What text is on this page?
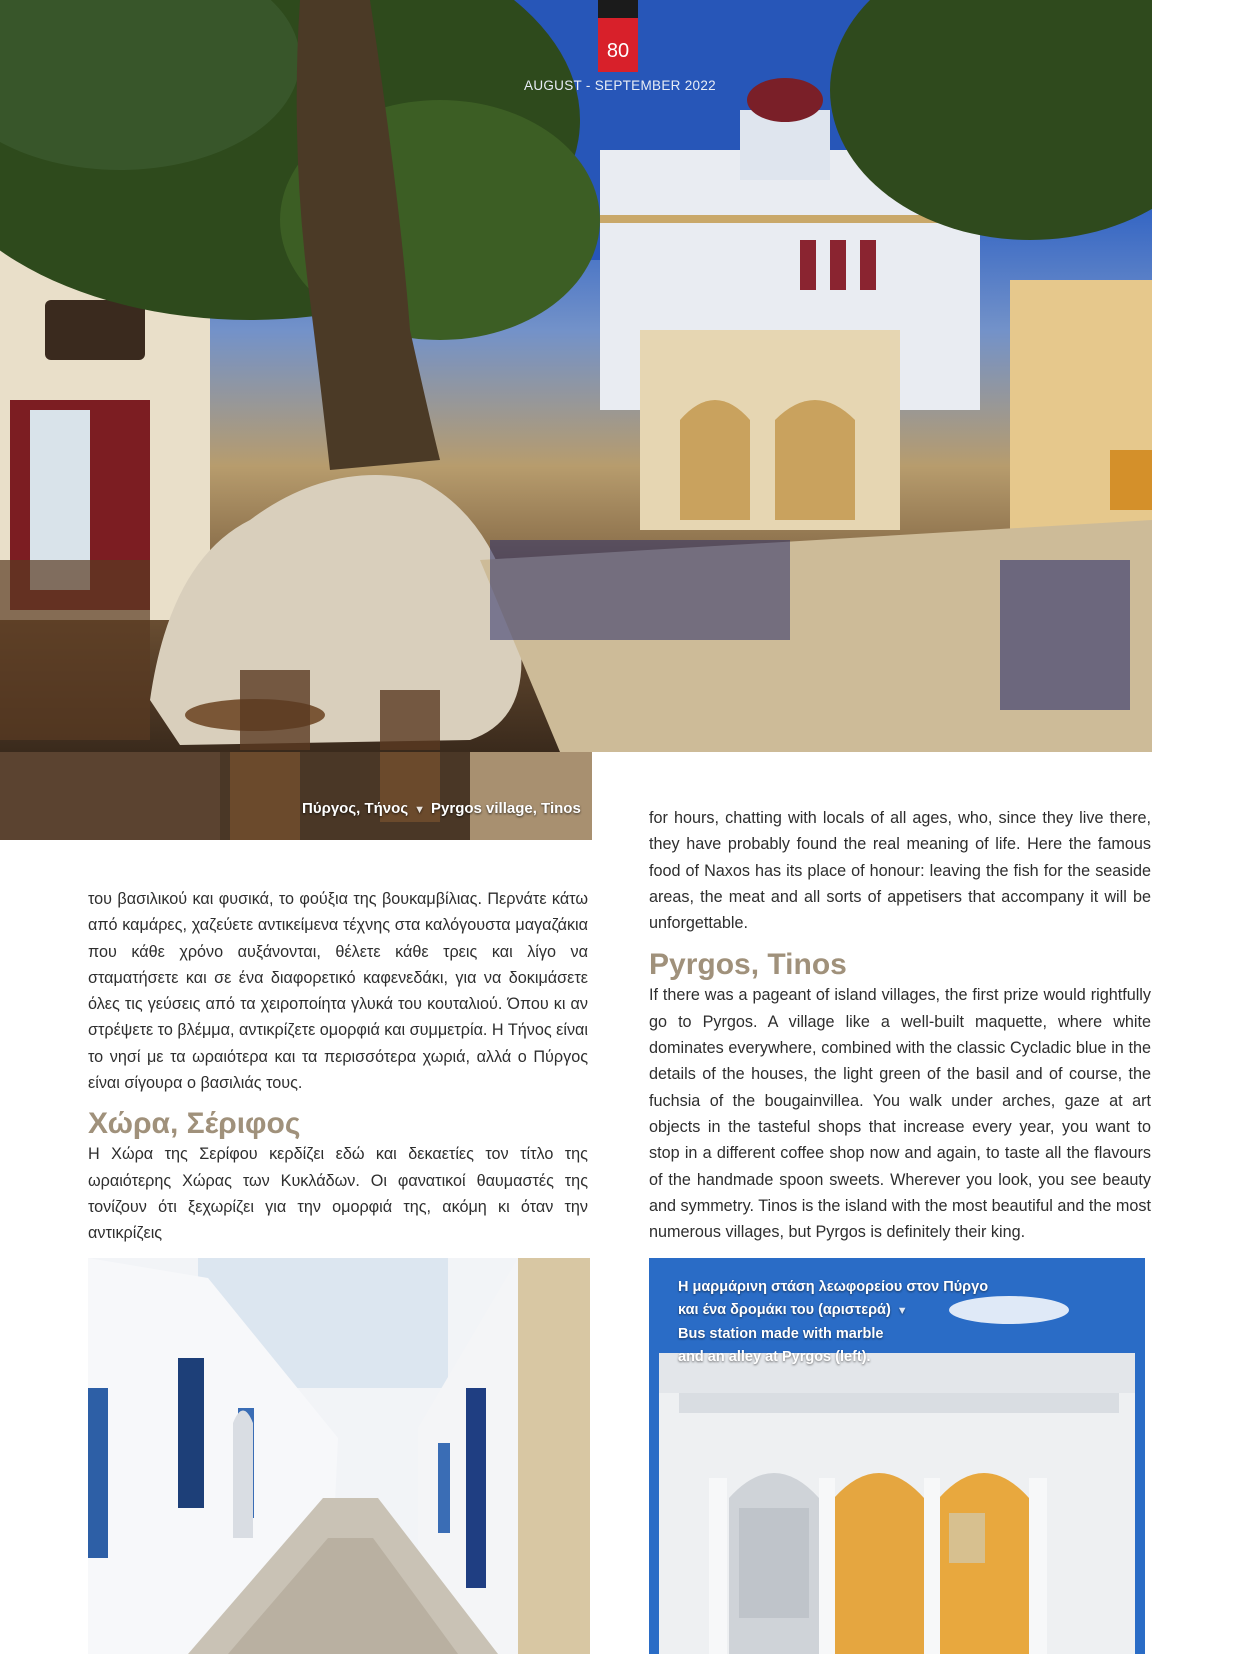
80
AUGUST - SEPTEMBER 2022
Πύργος, Τήνος ▼ Pyrgos village, Tinos

του βασιλικού και φυσικά, το φούξια της βουκαμβίλιας. Περνάτε κάτω από καμάρες, χαζεύετε αντικείμενα τέχνης στα καλόγουστα μαγαζάκια που κάθε χρόνο αυξάνονται, θέλετε κάθε τρεις και λίγο να σταματήσετε και σε ένα διαφορετικό καφενεδάκι, για να δοκιμάσετε όλες τις γεύσεις από τα χειροποίητα γλυκά του κουταλιού. Όπου κι αν στρέψετε το βλέμμα, αντικρίζετε ομορφιά και συμμετρία. Η Τήνος είναι το νησί με τα ωραιότερα και τα περισσότερα χωριά, αλλά ο Πύργος είναι σίγουρα ο βασιλιάς τους.

Χώρα, Σέριφος

Η Χώρα της Σερίφου κερδίζει εδώ και δεκαετίες τον τίτλο της ωραιότερης Χώρας των Κυκλάδων. Οι φανατικοί θαυμαστές της τονίζουν ότι ξεχωρίζει για την ομορφιά της, ακόμη κι όταν την αντικρίζεις

for hours, chatting with locals of all ages, who, since they live there, they have probably found the real meaning of life. Here the famous food of Naxos has its place of honour: leaving the fish for the seaside areas, the meat and all sorts of appetisers that accompany it will be unforgettable.

Pyrgos, Tinos

If there was a pageant of island villages, the first prize would rightfully go to Pyrgos. A village like a well-built maquette, where white dominates everywhere, combined with the classic Cycladic blue in the details of the houses, the light green of the basil and of course, the fuchsia of the bougainvillea. You walk under arches, gaze at art objects in the tasteful shops that increase every year, you want to stop in a different coffee shop now and again, to taste all the flavours of the handmade spoon sweets. Wherever you look, you see beauty and symmetry. Tinos is the island with the most beautiful and the most numerous villages, but Pyrgos is definitely their king.

Η μαρμάρινη στάση λεωφορείου στον Πύργο
και ένα δρομάκι του (αριστερά) ▼
Bus station made with marble
and an alley at Pyrgos (left).
